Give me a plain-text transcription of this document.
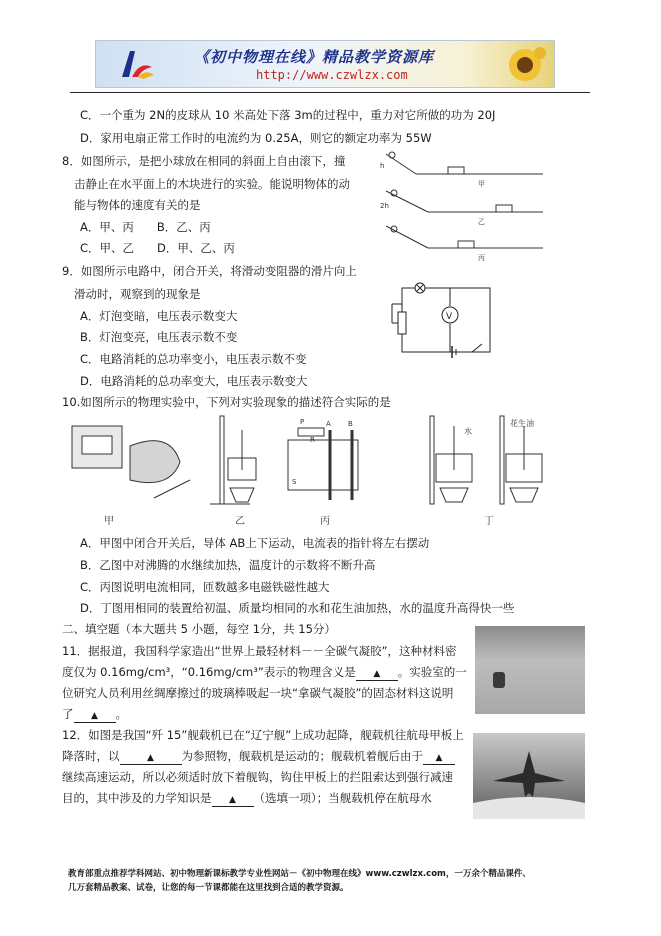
《初中物理在线》精品教学资源库
http://www.czwlzx.com
C．一个重为 2N的皮球从 10 米高处下落 3m的过程中，重力对它所做的功为 20J
D．家用电扇正常工作时的电流约为 0.25A，则它的额定功率为 55W
8．如图所示，是把小球放在相同的斜面上自由滚下，撞
击静止在水平面上的木块进行的实验。能说明物体的动
能与物体的速度有关的是
A．甲、丙　　B．乙、丙
C．甲、乙　　D．甲、乙、丙
甲
乙
丙
h
2h
9．如图所示电路中，闭合开关，将滑动变阻器的滑片向上
滑动时，观察到的现象是
A．灯泡变暗，电压表示数变大
B．灯泡变亮，电压表示数不变
C．电路消耗的总功率变小，电压表示数不变
D．电路消耗的总功率变大，电压表示数变大
V
10.如图所示的物理实验中，下列对实验现象的描述符合实际的是
甲	乙	丙	丁
P
R
S
A B
水
花生油
A．甲图中闭合开关后，导体 AB上下运动，电流表的指针将左右摆动
B．乙图中对沸腾的水继续加热，温度计的示数将不断升高
C．丙图说明电流相同，匝数越多电磁铁磁性越大
D．丁图用相同的装置给初温、质量均相同的水和花生油加热，水的温度升高得快一些
二、填空题（本大题共 5 小题，每空 1分，共 15分）
11．据报道，我国科学家造出“世界上最轻材料－－全碳气凝胶”，这种材料密
度仅为 0.16mg/cm³，“0.16mg/cm³”表示的物理含义是 ▲ 。实验室的一
位研究人员利用丝绸摩擦过的玻璃棒吸起一块“拿碳气凝胶”的固态材料这说明
了 ▲ 。
12．如图是我国“歼 15”舰载机已在“辽宁舰”上成功起降，舰载机往航母甲板上
降落时，以	▲ 为参照物，舰载机是运动的；舰载机着舰后由于 ▲
继续高速运动，所以必须适时放下着舰钩，钩住甲板上的拦阻索达到强行减速
目的，其中涉及的力学知识是 ▲ （选填一项）；当舰载机停在航母水
教育部重点推荐学科网站、初中物理新课标教学专业性网站－《初中物理在线》www.czwlzx.com，一万余个精品课件、
几万套精品教案、试卷，让您的每一节课都能在这里找到合适的教学资源。
